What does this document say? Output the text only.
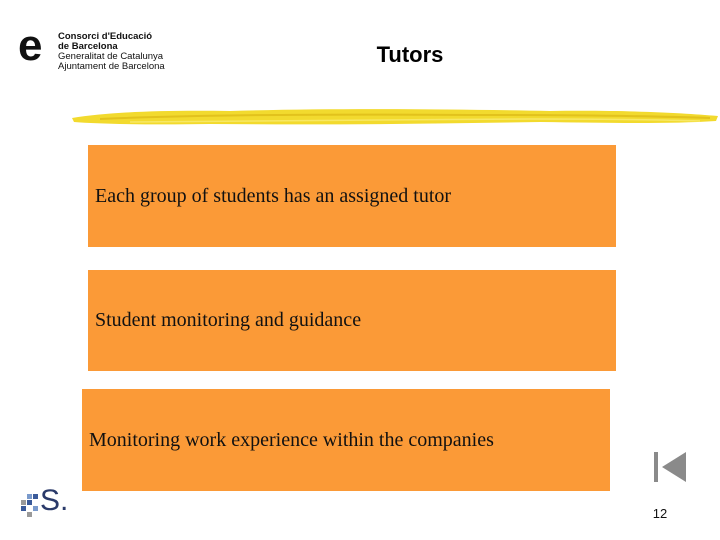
e Consorci d'Educació
de Barcelona
Generalitat de Catalunya
Ajuntament de Barcelona	Tutors
Each group of students has an assigned tutor
Student monitoring and guidance
Monitoring work experience within the companies
12
S.
